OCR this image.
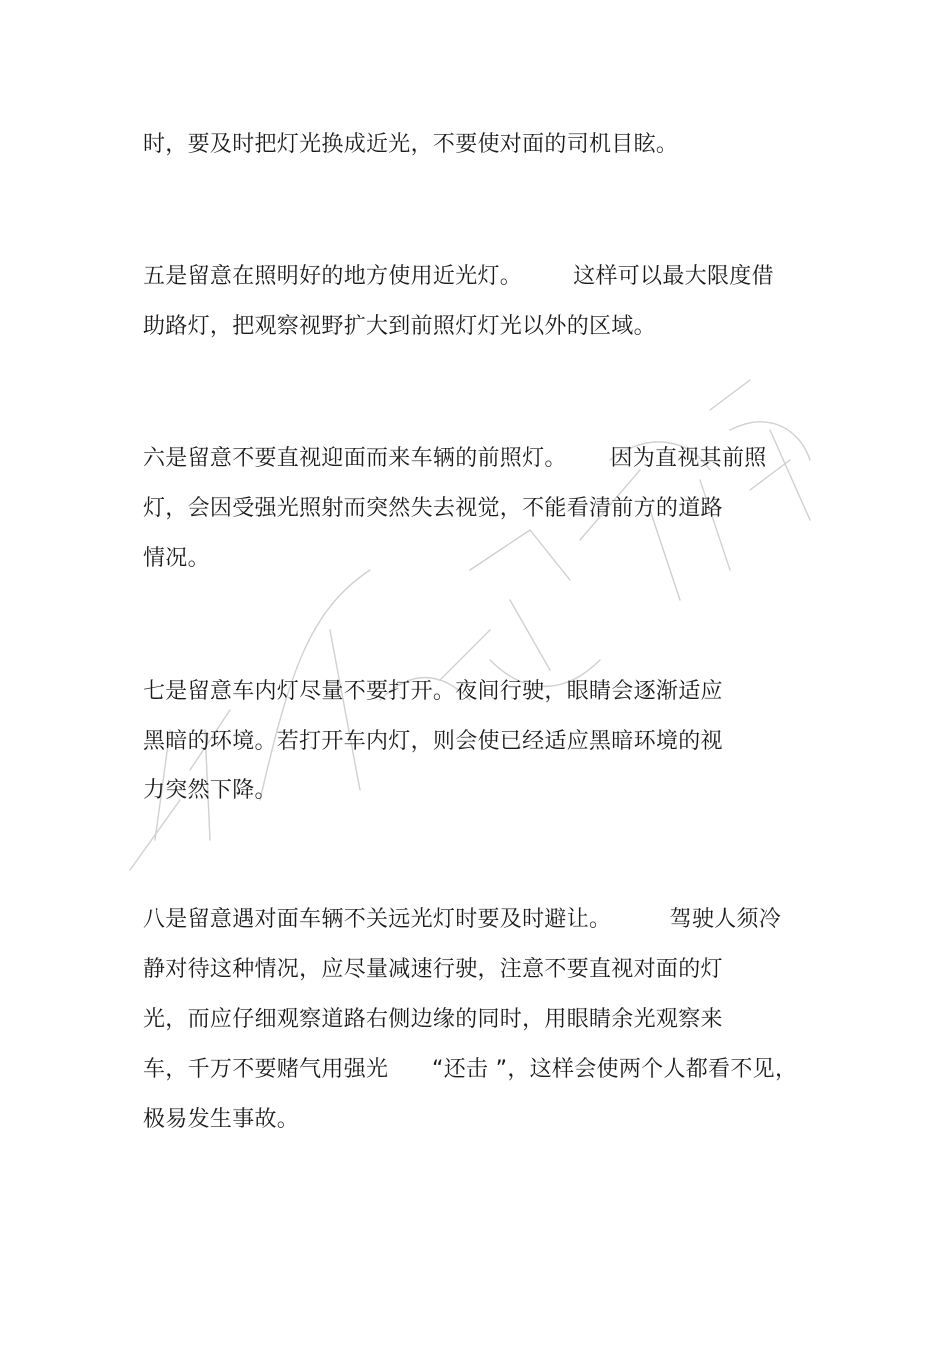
时，要及时把灯光换成近光，不要使对面的司机目眩。
五是留意在照明好的地方使用近光灯。       这样可以最大限度借
助路灯，把观察视野扩大到前照灯灯光以外的区域。
六是留意不要直视迎面而来车辆的前照灯。      因为直视其前照
灯，会因受强光照射而突然失去视觉，不能看清前方的道路
情况。
七是留意车内灯尽量不要打开。夜间行驶，眼睛会逐渐适应
黑暗的环境。若打开车内灯，则会使已经适应黑暗环境的视
力突然下降。
八是留意遇对面车辆不关远光灯时要及时避让。        驾驶人须冷
静对待这种情况，应尽量减速行驶，注意不要直视对面的灯
光，而应仔细观察道路右侧边缘的同时，用眼睛余光观察来
车，千万不要赌气用强光      “还击 ”，这样会使两个人都看不见，
极易发生事故。
